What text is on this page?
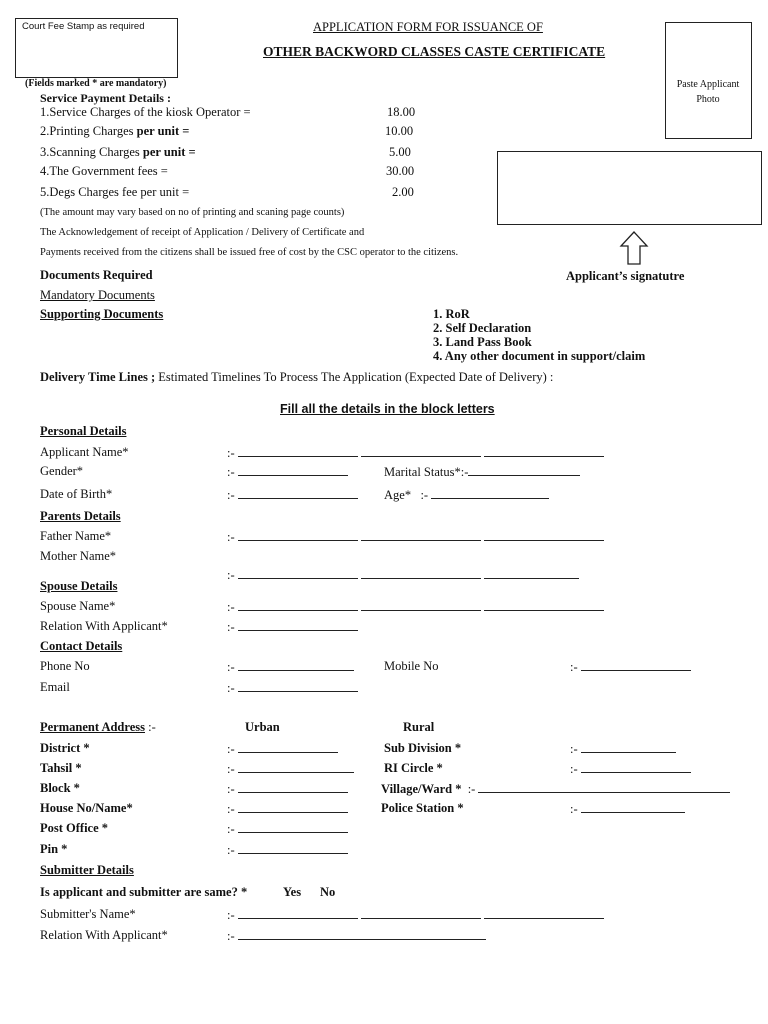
Court Fee Stamp as required	APPLICATION FORM FOR ISSUANCE OF
OTHER BACKWORD CLASSES CASTE CERTIFICATE
Paste Applicant
Photo
(Fields marked * are mandatory)
Service Payment Details :
1.Service Charges of the kiosk Operator =	18.00
2.Printing Charges per unit =	10.00
3.Scanning Charges per unit =	5.00
4.The Government fees =	30.00
5.Degs Charges fee per unit =	2.00
(The amount may vary based on no of printing and scaning page counts)
The Acknowledgement of receipt of Application / Delivery of Certificate and
Payments received from the citizens shall be issued free of cost by the CSC operator to the citizens.
Applicant’s signatutre
Documents Required
Mandatory Documents
Supporting Documents	1. RoR
2. Self Declaration
3. Land Pass Book
4. Any other document in support/claim
Delivery Time Lines ; Estimated Timelines To Process The Application (Expected Date of Delivery) :
Fill all the details in the block letters
Personal Details
Applicant Name*	:-
Gender*	:-	Marital Status*:-
Date of Birth*	:-	Age* :-
Parents Details
Father Name*	:-
Mother Name*
:-
Spouse Details
Spouse Name*	:-
Relation With Applicant*	:-
Contact Details
Phone No	:-	Mobile No	:-
Email	:-
Permanent Address :-	Urban	Rural
District *	:-	Sub Division *	:-
Tahsil *	:-	RI Circle *	:-
Block *	:-	Village/Ward * :-
House No/Name*	:-	Police Station *	:-
Post Office *	:-
Pin *	:-
Submitter Details
Is applicant and submitter are same? *	Yes No
Submitter's Name*	:-
Relation With Applicant*	:-
